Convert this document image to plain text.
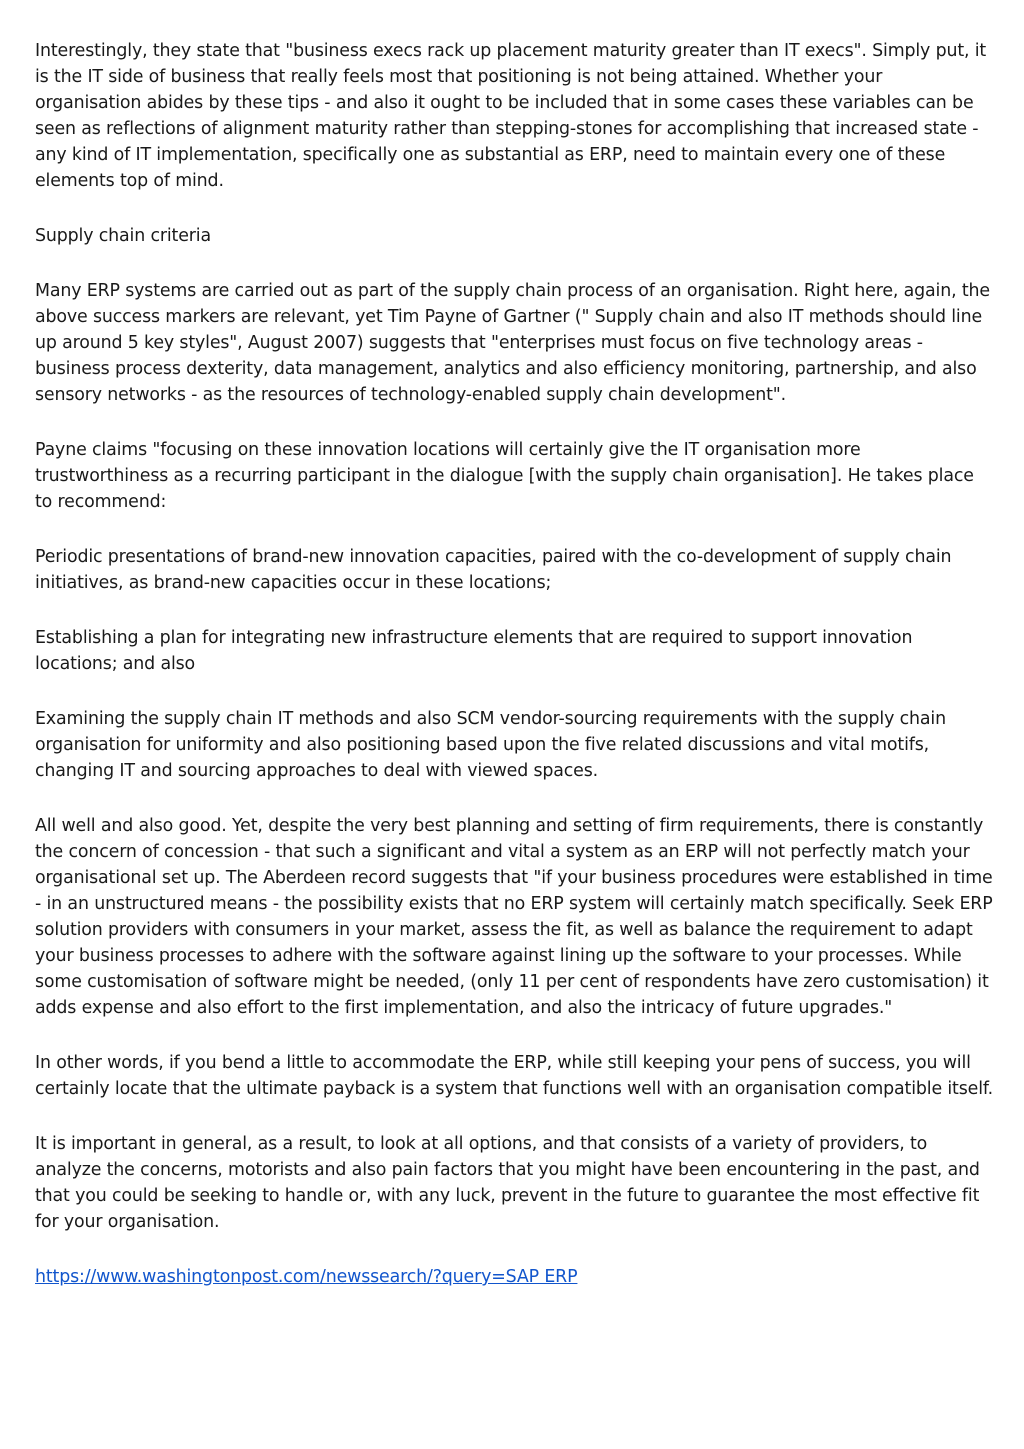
Interestingly, they state that "business execs rack up placement maturity greater than IT execs". Simply put, it is the IT side of business that really feels most that positioning is not being attained. Whether your organisation abides by these tips - and also it ought to be included that in some cases these variables can be seen as reflections of alignment maturity rather than stepping-stones for accomplishing that increased state - any kind of IT implementation, specifically one as substantial as ERP, need to maintain every one of these elements top of mind.

Supply chain criteria

Many ERP systems are carried out as part of the supply chain process of an organisation. Right here, again, the above success markers are relevant, yet Tim Payne of Gartner (" Supply chain and also IT methods should line up around 5 key styles", August 2007) suggests that "enterprises must focus on five technology areas - business process dexterity, data management, analytics and also efficiency monitoring, partnership, and also sensory networks - as the resources of technology-enabled supply chain development".

Payne claims "focusing on these innovation locations will certainly give the IT organisation more trustworthiness as a recurring participant in the dialogue [with the supply chain organisation]. He takes place to recommend:

Periodic presentations of brand-new innovation capacities, paired with the co-development of supply chain initiatives, as brand-new capacities occur in these locations;

Establishing a plan for integrating new infrastructure elements that are required to support innovation locations; and also

Examining the supply chain IT methods and also SCM vendor-sourcing requirements with the supply chain organisation for uniformity and also positioning based upon the five related discussions and vital motifs, changing IT and sourcing approaches to deal with viewed spaces.

All well and also good. Yet, despite the very best planning and setting of firm requirements, there is constantly the concern of concession - that such a significant and vital a system as an ERP will not perfectly match your organisational set up. The Aberdeen record suggests that "if your business procedures were established in time - in an unstructured means - the possibility exists that no ERP system will certainly match specifically. Seek ERP solution providers with consumers in your market, assess the fit, as well as balance the requirement to adapt your business processes to adhere with the software against lining up the software to your processes. While some customisation of software might be needed, (only 11 per cent of respondents have zero customisation) it adds expense and also effort to the first implementation, and also the intricacy of future upgrades."

In other words, if you bend a little to accommodate the ERP, while still keeping your pens of success, you will certainly locate that the ultimate payback is a system that functions well with an organisation compatible itself.

It is important in general, as a result, to look at all options, and that consists of a variety of providers, to analyze the concerns, motorists and also pain factors that you might have been encountering in the past, and that you could be seeking to handle or, with any luck, prevent in the future to guarantee the most effective fit for your organisation.

https://www.washingtonpost.com/newssearch/?query=SAP ERP
